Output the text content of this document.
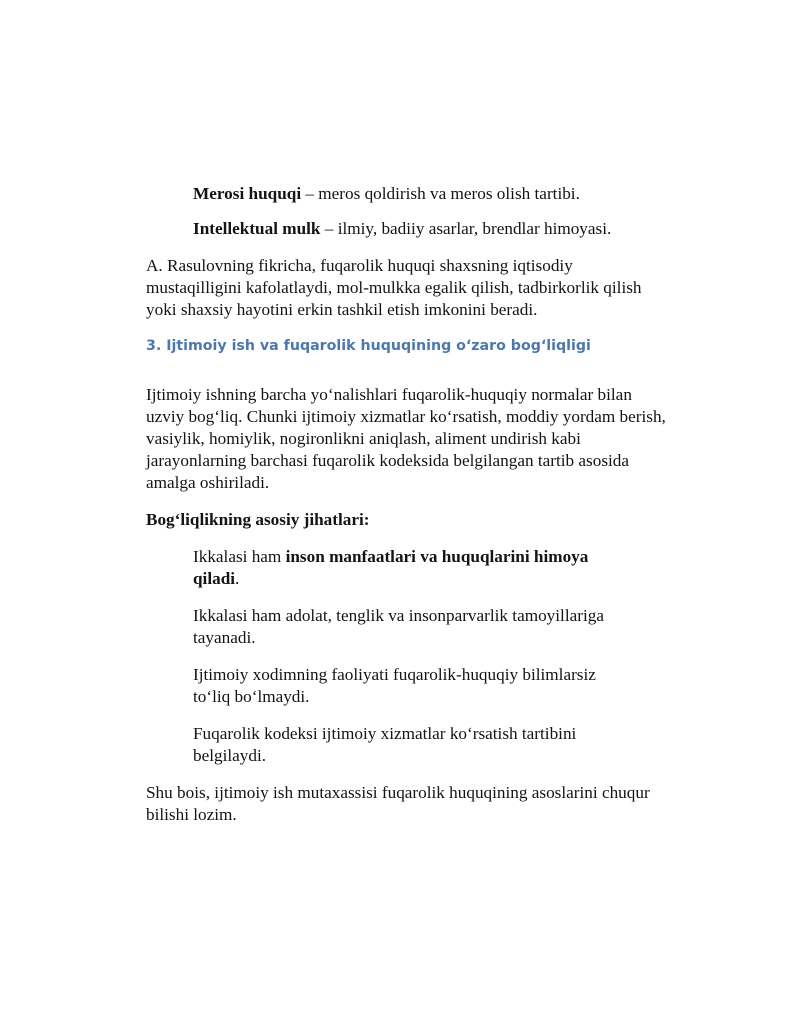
Merosi huquqi – meros qoldirish va meros olish tartibi.

Intellektual mulk – ilmiy, badiiy asarlar, brendlar himoyasi.

A. Rasulovning fikricha, fuqarolik huquqi shaxsning iqtisodiy mustaqilligini kafolatlaydi, mol-mulkka egalik qilish, tadbirkorlik qilish yoki shaxsiy hayotini erkin tashkil etish imkonini beradi.

3. Ijtimoiy ish va fuqarolik huquqining o‘zaro bog‘liqligi

Ijtimoiy ishning barcha yo‘nalishlari fuqarolik-huquqiy normalar bilan uzviy bog‘liq. Chunki ijtimoiy xizmatlar ko‘rsatish, moddiy yordam berish, vasiylik, homiylik, nogironlikni aniqlash, aliment undirish kabi jarayonlarning barchasi fuqarolik kodeksida belgilangan tartib asosida amalga oshiriladi.

Bog‘liqlikning asosiy jihatlari:

Ikkalasi ham inson manfaatlari va huquqlarini himoya qiladi.

Ikkalasi ham adolat, tenglik va insonparvarlik tamoyillariga tayanadi.

Ijtimoiy xodimning faoliyati fuqarolik-huquqiy bilimlarsiz to‘liq bo‘lmaydi.

Fuqarolik kodeksi ijtimoiy xizmatlar ko‘rsatish tartibini belgilaydi.

Shu bois, ijtimoiy ish mutaxassisi fuqarolik huquqining asoslarini chuqur bilishi lozim.
